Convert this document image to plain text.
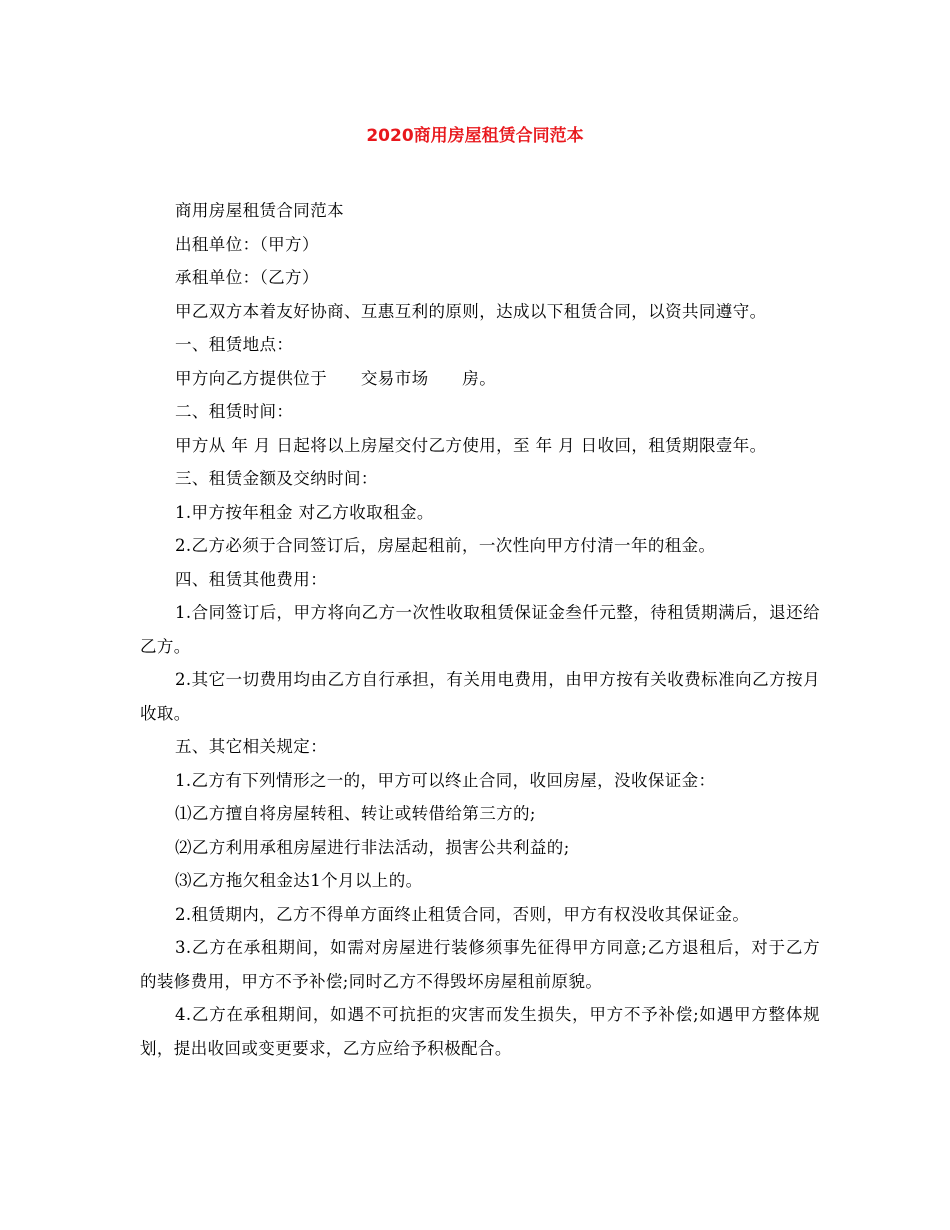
2020商用房屋租赁合同范本

商用房屋租赁合同范本

出租单位：（甲方）

承租单位：（乙方）

甲乙双方本着友好协商、互惠互利的原则，达成以下租赁合同，以资共同遵守。

一、租赁地点：

甲方向乙方提供位于　　交易市场　　房。

二、租赁时间：

甲方从 年 月 日起将以上房屋交付乙方使用，至 年 月 日收回，租赁期限壹年。

三、租赁金额及交纳时间：

1.甲方按年租金 对乙方收取租金。

2.乙方必须于合同签订后，房屋起租前，一次性向甲方付清一年的租金。

四、租赁其他费用：

1.合同签订后，甲方将向乙方一次性收取租赁保证金叁仟元整，待租赁期满后，退还给乙方。

2.其它一切费用均由乙方自行承担，有关用电费用，由甲方按有关收费标准向乙方按月收取。

五、其它相关规定：

1.乙方有下列情形之一的，甲方可以终止合同，收回房屋，没收保证金：

⑴乙方擅自将房屋转租、转让或转借给第三方的;

⑵乙方利用承租房屋进行非法活动，损害公共利益的;

⑶乙方拖欠租金达1个月以上的。

2.租赁期内，乙方不得单方面终止租赁合同，否则，甲方有权没收其保证金。

3.乙方在承租期间，如需对房屋进行装修须事先征得甲方同意;乙方退租后，对于乙方的装修费用，甲方不予补偿;同时乙方不得毁坏房屋租前原貌。

4.乙方在承租期间，如遇不可抗拒的灾害而发生损失，甲方不予补偿;如遇甲方整体规划，提出收回或变更要求，乙方应给予积极配合。
